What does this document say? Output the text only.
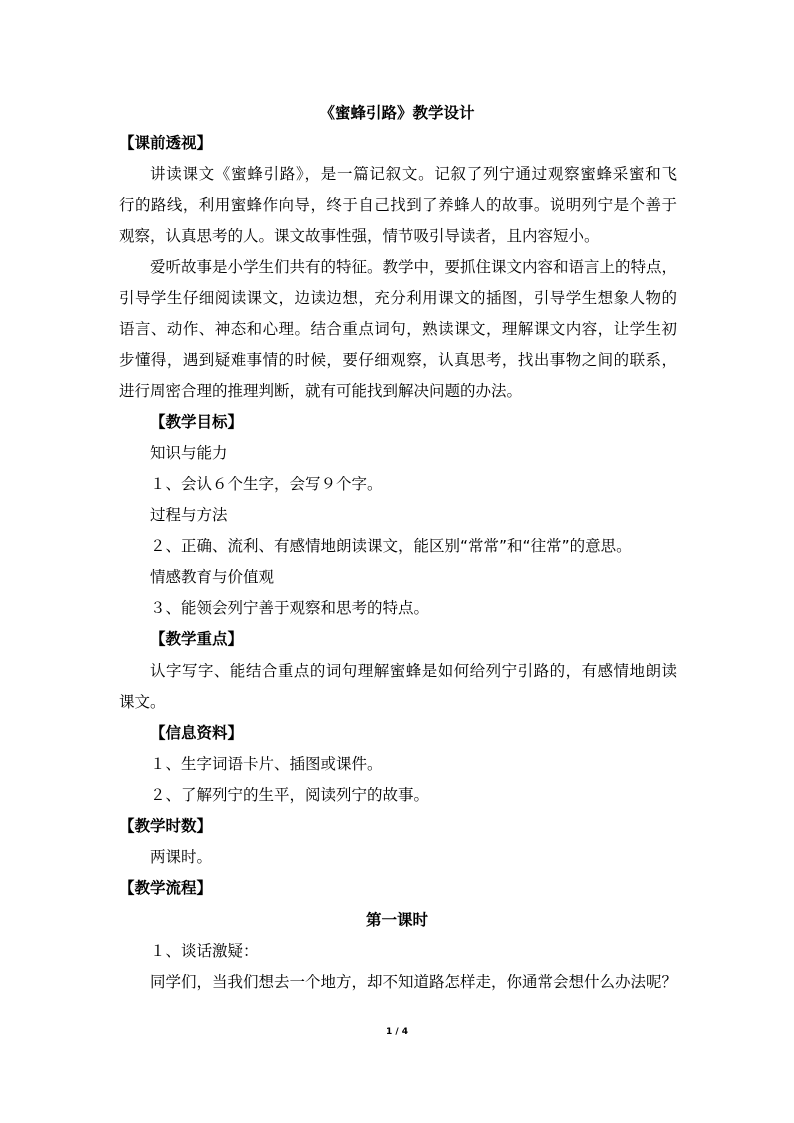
《蜜蜂引路》教学设计
【课前透视】
讲读课文《蜜蜂引路》，是一篇记叙文。记叙了列宁通过观察蜜蜂采蜜和飞
行的路线，利用蜜蜂作向导，终于自己找到了养蜂人的故事。说明列宁是个善于
观察，认真思考的人。课文故事性强，情节吸引导读者，且内容短小。
爱听故事是小学生们共有的特征。教学中，要抓住课文内容和语言上的特点，
引导学生仔细阅读课文，边读边想，充分利用课文的插图，引导学生想象人物的
语言、动作、神态和心理。结合重点词句，熟读课文，理解课文内容，让学生初
步懂得，遇到疑难事情的时候，要仔细观察，认真思考，找出事物之间的联系，
进行周密合理的推理判断，就有可能找到解决问题的办法。
【教学目标】
知识与能力
１、会认６个生字，会写９个字。
过程与方法
２、正确、流利、有感情地朗读课文，能区别“常常”和“往常”的意思。
情感教育与价值观
３、能领会列宁善于观察和思考的特点。
【教学重点】
认字写字、能结合重点的词句理解蜜蜂是如何给列宁引路的，有感情地朗读
课文。
【信息资料】
１、生字词语卡片、插图或课件。
２、了解列宁的生平，阅读列宁的故事。
【教学时数】
两课时。
【教学流程】
第一课时
１、谈话激疑：
同学们，当我们想去一个地方，却不知道路怎样走，你通常会想什么办法呢？
1 / 4
